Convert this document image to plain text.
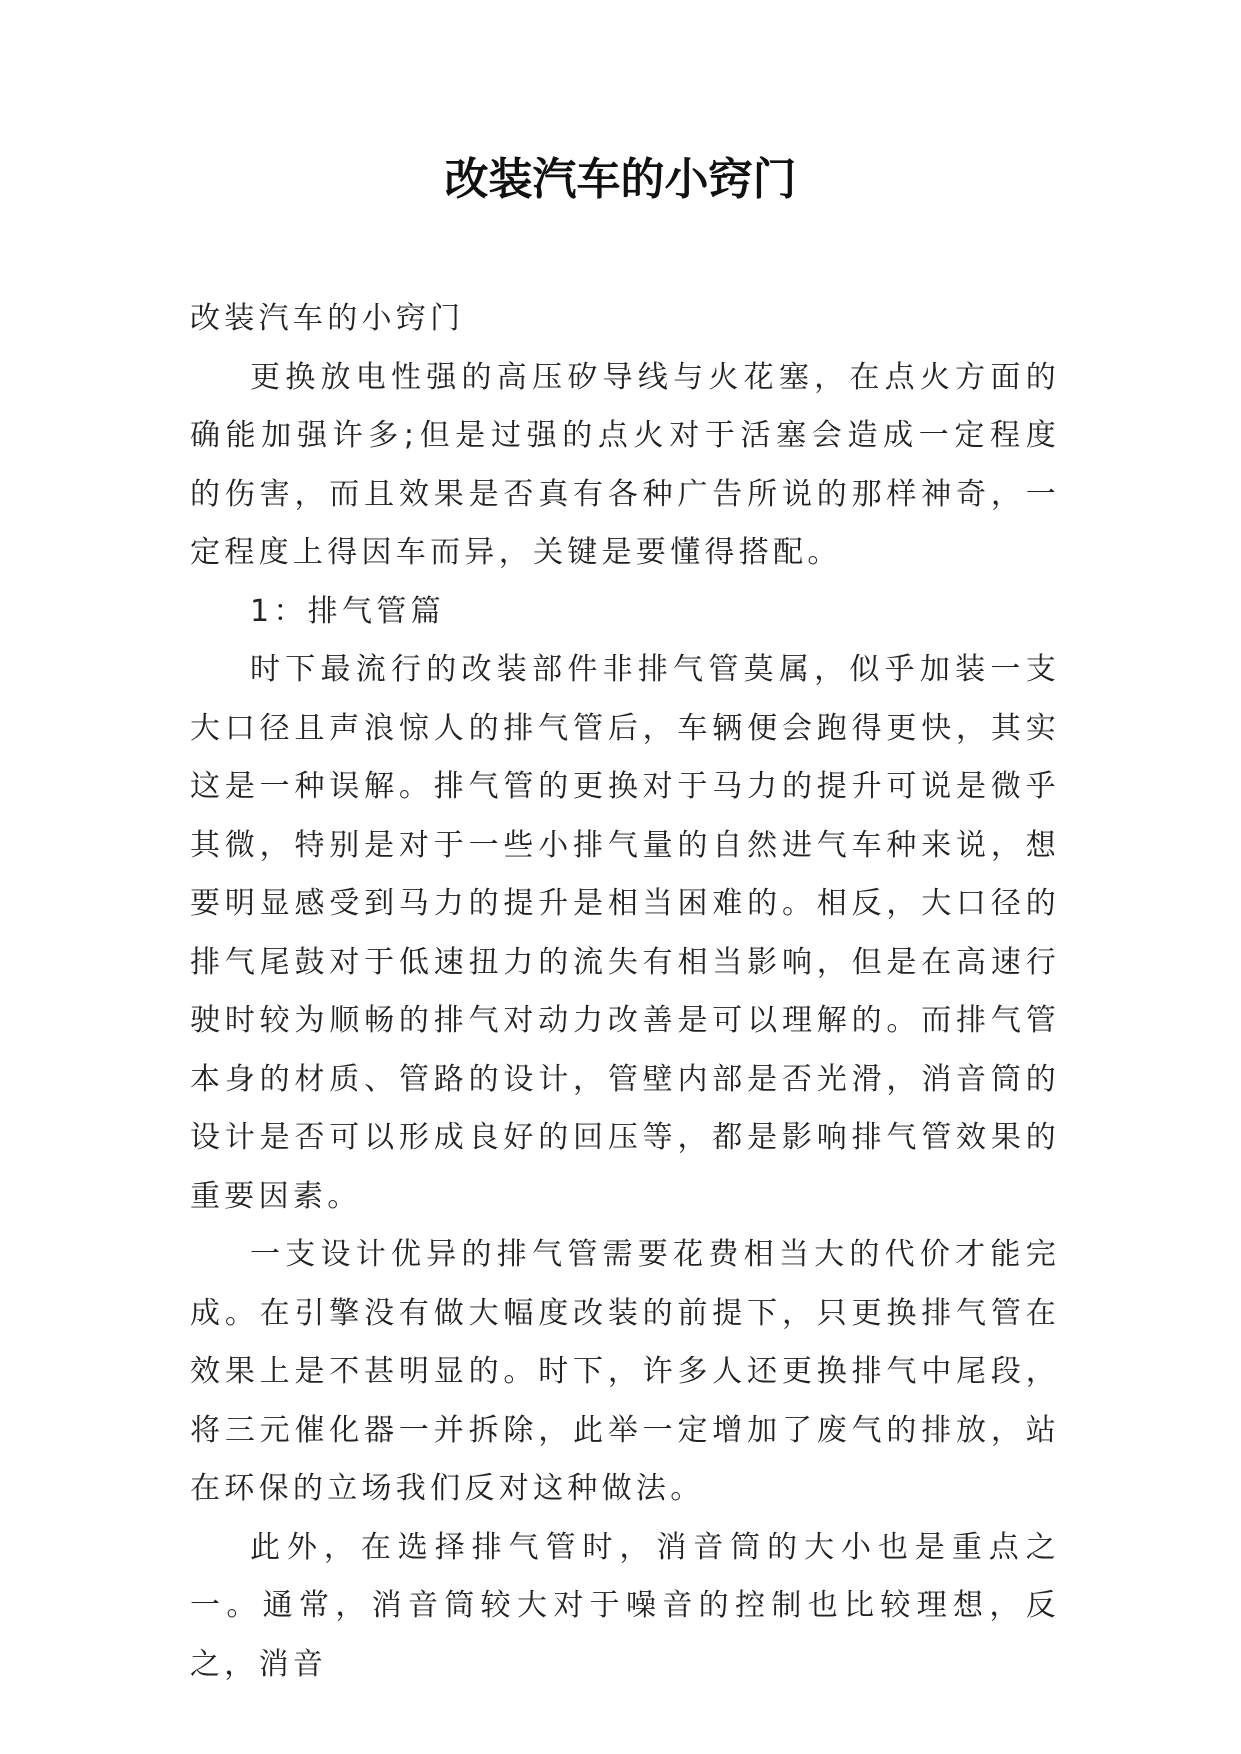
改装汽车的小窍门

改装汽车的小窍门

更换放电性强的高压矽导线与火花塞，在点火方面的确能加强许多;但是过强的点火对于活塞会造成一定程度的伤害，而且效果是否真有各种广告所说的那样神奇，一定程度上得因车而异，关键是要懂得搭配。

1：排气管篇

时下最流行的改装部件非排气管莫属，似乎加装一支大口径且声浪惊人的排气管后，车辆便会跑得更快，其实这是一种误解。排气管的更换对于马力的提升可说是微乎其微，特别是对于一些小排气量的自然进气车种来说，想要明显感受到马力的提升是相当困难的。相反，大口径的排气尾鼓对于低速扭力的流失有相当影响，但是在高速行驶时较为顺畅的排气对动力改善是可以理解的。而排气管本身的材质、管路的设计，管壁内部是否光滑，消音筒的设计是否可以形成良好的回压等，都是影响排气管效果的重要因素。

一支设计优异的排气管需要花费相当大的代价才能完成。在引擎没有做大幅度改装的前提下，只更换排气管在效果上是不甚明显的。时下，许多人还更换排气中尾段，将三元催化器一并拆除，此举一定增加了废气的排放，站在环保的立场我们反对这种做法。

此外，在选择排气管时，消音筒的大小也是重点之一。通常，消音筒较大对于噪音的控制也比较理想，反之，消音
